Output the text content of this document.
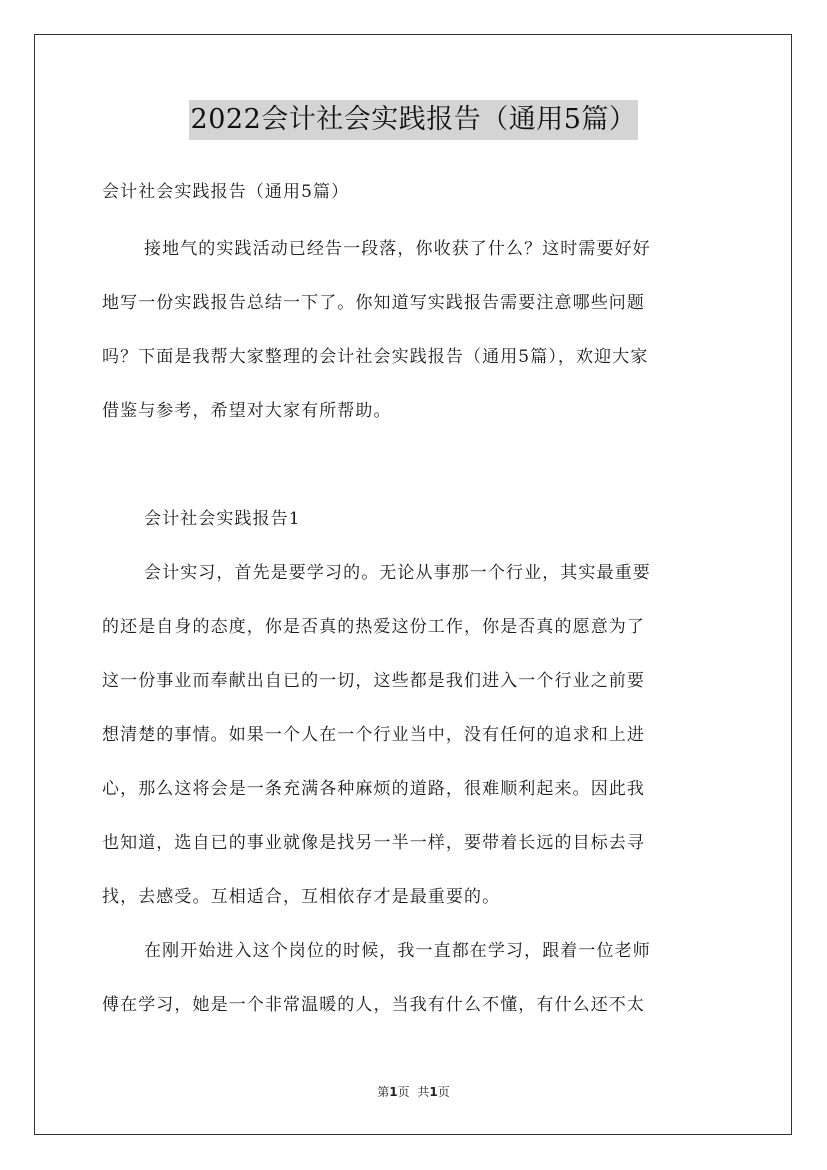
2022会计社会实践报告（通用5篇）

会计社会实践报告（通用5篇）

接地气的实践活动已经告一段落，你收获了什么？这时需要好好
地写一份实践报告总结一下了。你知道写实践报告需要注意哪些问题
吗？下面是我帮大家整理的会计社会实践报告（通用5篇），欢迎大家
借鉴与参考，希望对大家有所帮助。

会计社会实践报告1

会计实习，首先是要学习的。无论从事那一个行业，其实最重要
的还是自身的态度，你是否真的热爱这份工作，你是否真的愿意为了
这一份事业而奉献出自已的一切，这些都是我们进入一个行业之前要
想清楚的事情。如果一个人在一个行业当中，没有任何的追求和上进
心，那么这将会是一条充满各种麻烦的道路，很难顺利起来。因此我
也知道，选自已的事业就像是找另一半一样，要带着长远的目标去寻
找，去感受。互相适合，互相依存才是最重要的。
在刚开始进入这个岗位的时候，我一直都在学习，跟着一位老师
傅在学习，她是一个非常温暖的人，当我有什么不懂，有什么还不太
第1页 共1页
